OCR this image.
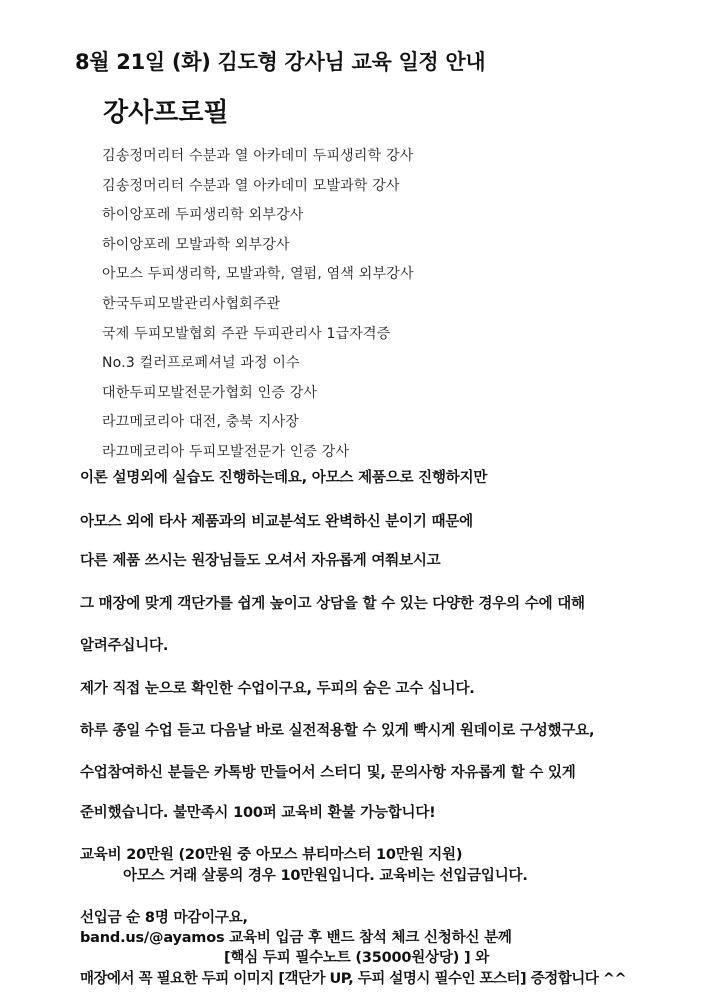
8월 21일 (화) 김도형 강사님 교육 일정 안내
강사프로필
김송정머리터 수분과 열 아카데미 두피생리학 강사
김송정머리터 수분과 열 아카데미 모발과학 강사
하이앙포레 두피생리학 외부강사
하이앙포레 모발과학 외부강사
아모스 두피생리학, 모발과학, 열펌, 염색 외부강사
한국두피모발관리사협회주관
국제 두피모발협회 주관 두피관리사 1급자격증
No.3 컬러프로페셔널 과정 이수
대한두피모발전문가협회 인증 강사
라끄메코리아 대전, 충북 지사장
라끄메코리아 두피모발전문가 인증 강사
이론 설명외에 실습도 진행하는데요, 아모스 제품으로 진행하지만
아모스 외에 타사 제품과의 비교분석도 완벽하신 분이기 때문에
다른 제품 쓰시는 원장님들도 오셔서 자유롭게 여쭤보시고
그 매장에 맞게 객단가를 쉽게 높이고 상담을 할 수 있는 다양한 경우의 수에 대해
알려주십니다.
제가 직접 눈으로 확인한 수업이구요, 두피의 숨은 고수 십니다.
하루 종일 수업 듣고 다음날 바로 실전적용할 수 있게 빡시게 원데이로 구성했구요,
수업참여하신 분들은 카톡방 만들어서 스터디 및, 문의사항 자유롭게 할 수 있게
준비했습니다. 불만족시 100퍼 교육비 환불 가능합니다!
교육비 20만원 (20만원 중 아모스 뷰티마스터 10만원 지원)
아모스 거래 살롱의 경우 10만원입니다. 교육비는 선입금입니다.
선입금 순 8명 마감이구요,
band.us/@ayamos 교육비 입금 후 밴드 참석 체크 신청하신 분께
[핵심 두피 필수노트 (35000원상당) ] 와
매장에서 꼭 필요한 두피 이미지 [객단가 UP, 두피 설명시 필수인 포스터] 증정합니다 ^^
